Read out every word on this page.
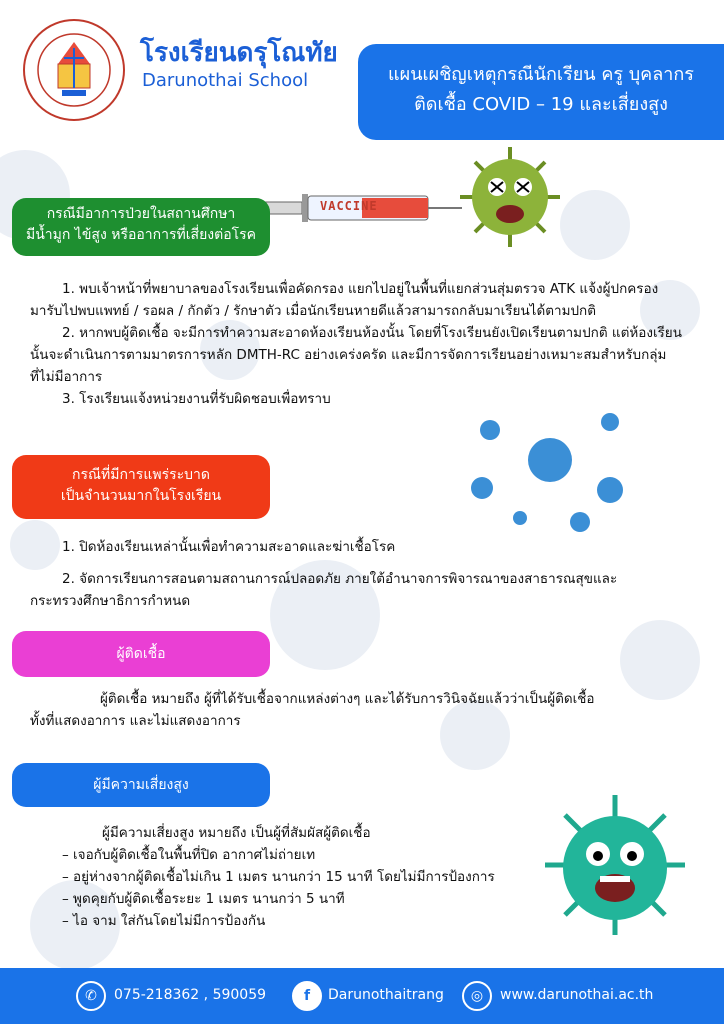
โรงเรียนดรุโณทัย
Darunothai School	แผนเผชิญเหตุกรณีนักเรียน ครู บุคลากร
ติดเชื้อ COVID – 19 และเสี่ยงสูง
VACCINE
กรณีมีอาการป่วยในสถานศึกษา
มีน้ำมูก ไข้สูง หรืออาการที่เสี่ยงต่อโรค
1. พบเจ้าหน้าที่พยาบาลของโรงเรียนเพื่อคัดกรอง แยกไปอยู่ในพื้นที่แยกส่วนสุ่มตรวจ ATK แจ้งผู้ปกครอง
มารับไปพบแพทย์ / รอผล / กักตัว / รักษาตัว เมื่อนักเรียนหายดีแล้วสามารถกลับมาเรียนได้ตามปกติ
2. หากพบผู้ติดเชื้อ จะมีการทำความสะอาดห้องเรียนห้องนั้น โดยที่โรงเรียนยังเปิดเรียนตามปกติ แต่ห้องเรียน
นั้นจะดำเนินการตามมาตรการหลัก DMTH-RC อย่างเคร่งครัด และมีการจัดการเรียนอย่างเหมาะสมสำหรับกลุ่ม
ที่ไม่มีอาการ
3. โรงเรียนแจ้งหน่วยงานที่รับผิดชอบเพื่อทราบ
กรณีที่มีการแพร่ระบาด
เป็นจำนวนมากในโรงเรียน
1. ปิดห้องเรียนเหล่านั้นเพื่อทำความสะอาดและฆ่าเชื้อโรค
2. จัดการเรียนการสอนตามสถานการณ์ปลอดภัย ภายใต้อำนาจการพิจารณาของสาธารณสุขและ
กระทรวงศึกษาธิการกำหนด
ผู้ติดเชื้อ
ผู้ติดเชื้อ หมายถึง ผู้ที่ได้รับเชื้อจากแหล่งต่างๆ และได้รับการวินิจฉัยแล้วว่าเป็นผู้ติดเชื้อ
ทั้งที่แสดงอาการ และไม่แสดงอาการ
ผู้มีความเสี่ยงสูง
ผู้มีความเสี่ยงสูง หมายถึง เป็นผู้ที่สัมผัสผู้ติดเชื้อ
– เจอกับผู้ติดเชื้อในพื้นที่ปิด อากาศไม่ถ่ายเท
– อยู่ห่างจากผู้ติดเชื้อไม่เกิน 1 เมตร นานกว่า 15 นาที โดยไม่มีการป้องการ
– พูดคุยกับผู้ติดเชื้อระยะ 1 เมตร นานกว่า 5 นาที
– ไอ จาม ใส่กันโดยไม่มีการป้องกัน
✆	075-218362 , 590059	f	Darunothaitrang	◎	www.darunothai.ac.th
